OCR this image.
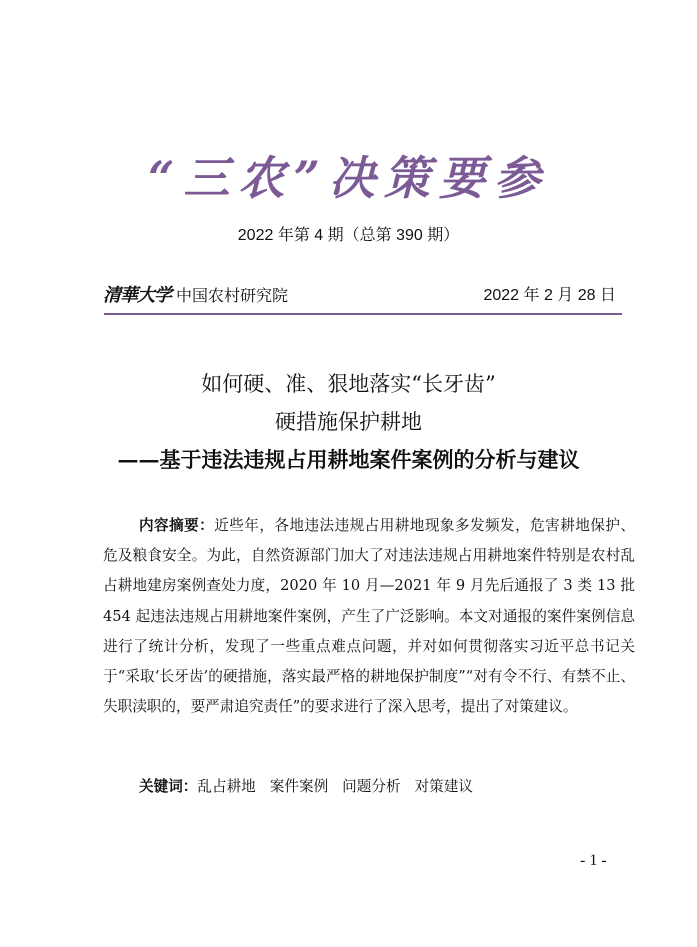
“三农”决策要参
2022 年第 4 期（总第 390 期）
清華大学 中国农村研究院	2022 年 2 月 28 日
如何硬、准、狠地落实“长牙齿”
硬措施保护耕地
——基于违法违规占用耕地案件案例的分析与建议
内容摘要：近些年，各地违法违规占用耕地现象多发频发，危害耕地保护、危及粮食安全。为此，自然资源部门加大了对违法违规占用耕地案件特别是农村乱占耕地建房案例查处力度，2020 年 10 月—2021 年 9 月先后通报了 3 类 13 批 454 起违法违规占用耕地案件案例，产生了广泛影响。本文对通报的案件案例信息进行了统计分析，发现了一些重点难点问题，并对如何贯彻落实习近平总书记关于“采取‘长牙齿’的硬措施，落实最严格的耕地保护制度”“对有令不行、有禁不止、失职渎职的，要严肃追究责任”的要求进行了深入思考，提出了对策建议。
关键词：乱占耕地 案件案例 问题分析 对策建议
- 1 -
